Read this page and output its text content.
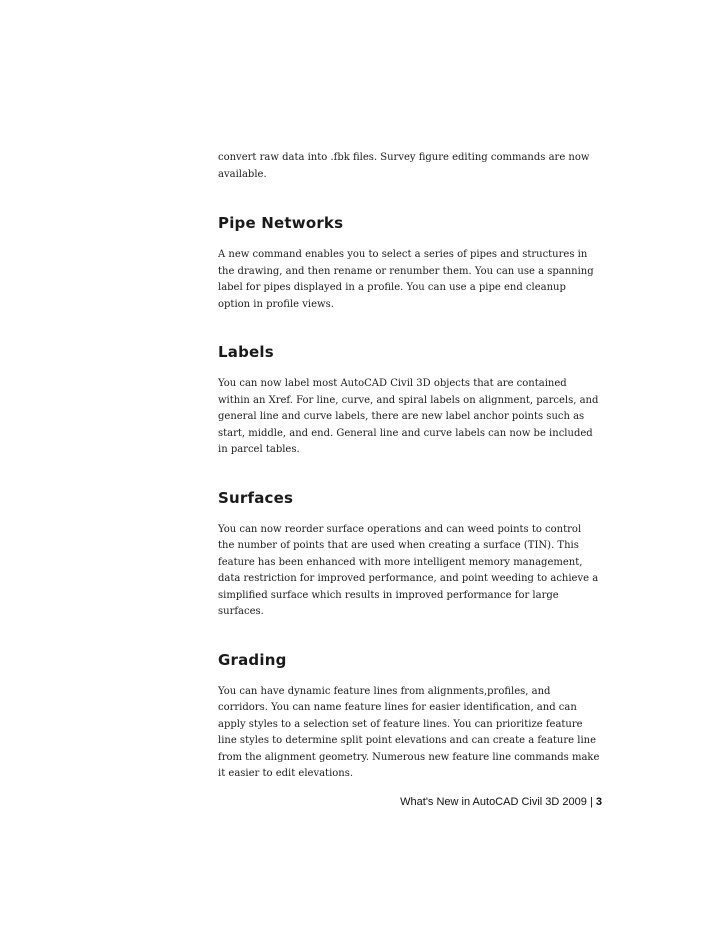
convert raw data into .fbk files. Survey figure editing commands are now available.

Pipe Networks

A new command enables you to select a series of pipes and structures in the drawing, and then rename or renumber them. You can use a spanning label for pipes displayed in a profile. You can use a pipe end cleanup option in profile views.

Labels

You can now label most AutoCAD Civil 3D objects that are contained within an Xref. For line, curve, and spiral labels on alignment, parcels, and general line and curve labels, there are new label anchor points such as start, middle, and end. General line and curve labels can now be included in parcel tables.

Surfaces

You can now reorder surface operations and can weed points to control the number of points that are used when creating a surface (TIN). This feature has been enhanced with more intelligent memory management, data restriction for improved performance, and point weeding to achieve a simplified surface which results in improved performance for large surfaces.

Grading

You can have dynamic feature lines from alignments,profiles, and corridors. You can name feature lines for easier identification, and can apply styles to a selection set of feature lines. You can prioritize feature line styles to determine split point elevations and can create a feature line from the alignment geometry. Numerous new feature line commands make it easier to edit elevations.

What's New in AutoCAD Civil 3D 2009 | 3
